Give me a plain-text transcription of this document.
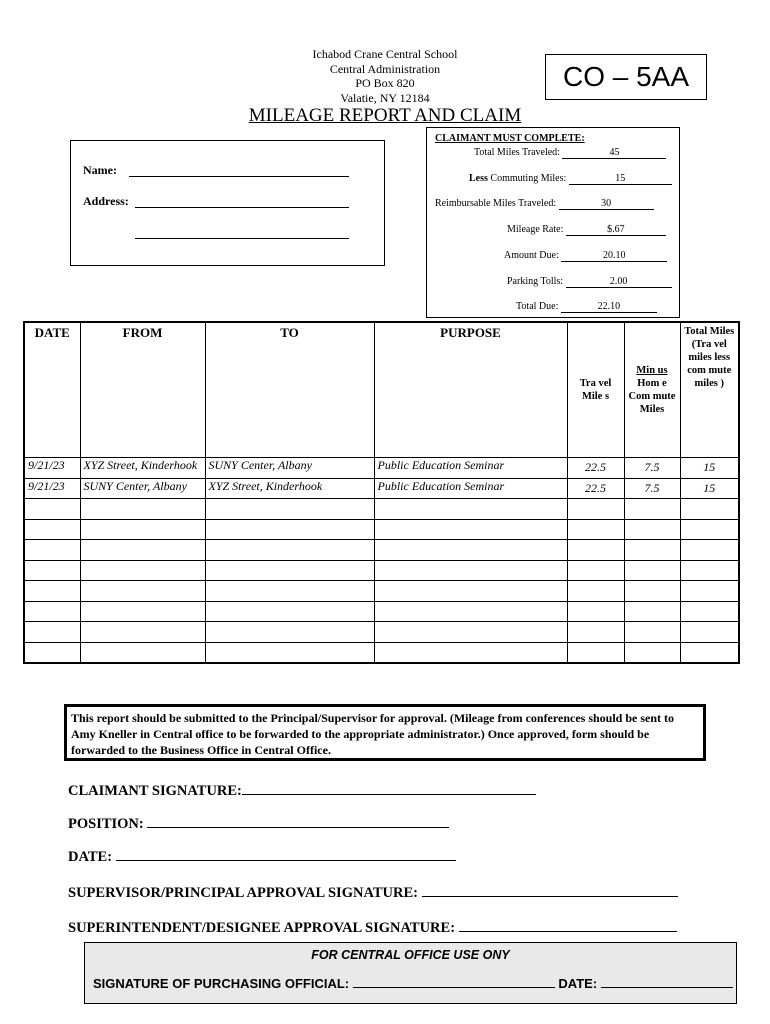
Ichabod Crane Central School
Central Administration
PO Box 820
Valatie, NY 12184
CO – 5AA
MILEAGE REPORT AND CLAIM
Name:
Address:
CLAIMANT MUST COMPLETE:
Total Miles Traveled:	45
Less Commuting Miles:	15
Reimbursable Miles Traveled:	30
Mileage Rate:	$.67
Amount Due:	20.10
Parking Tolls:	2.00
Total Due:	22.10
DATE	FROM	TO	PURPOSE	Tra vel Mile s	Min us
Hom e Com mute Miles	Total Miles (Tra vel miles less com mute miles )
9/21/23	XYZ Street, Kinderhook	SUNY Center, Albany	Public Education Seminar	22.5	7.5	15
9/21/23	SUNY Center, Albany	XYZ Street, Kinderhook	Public Education Seminar	22.5	7.5	15

This report should be submitted to the Principal/Supervisor for approval. (Mileage from conferences should be sent to Amy Kneller in Central office to be forwarded to the appropriate administrator.) Once approved, form should be forwarded to the Business Office in Central Office.
CLAIMANT SIGNATURE:
POSITION:
DATE:
SUPERVISOR/PRINCIPAL APPROVAL SIGNATURE:
SUPERINTENDENT/DESIGNEE APPROVAL SIGNATURE:
FOR CENTRAL OFFICE USE ONY
SIGNATURE OF PURCHASING OFFICIAL:	DATE:
